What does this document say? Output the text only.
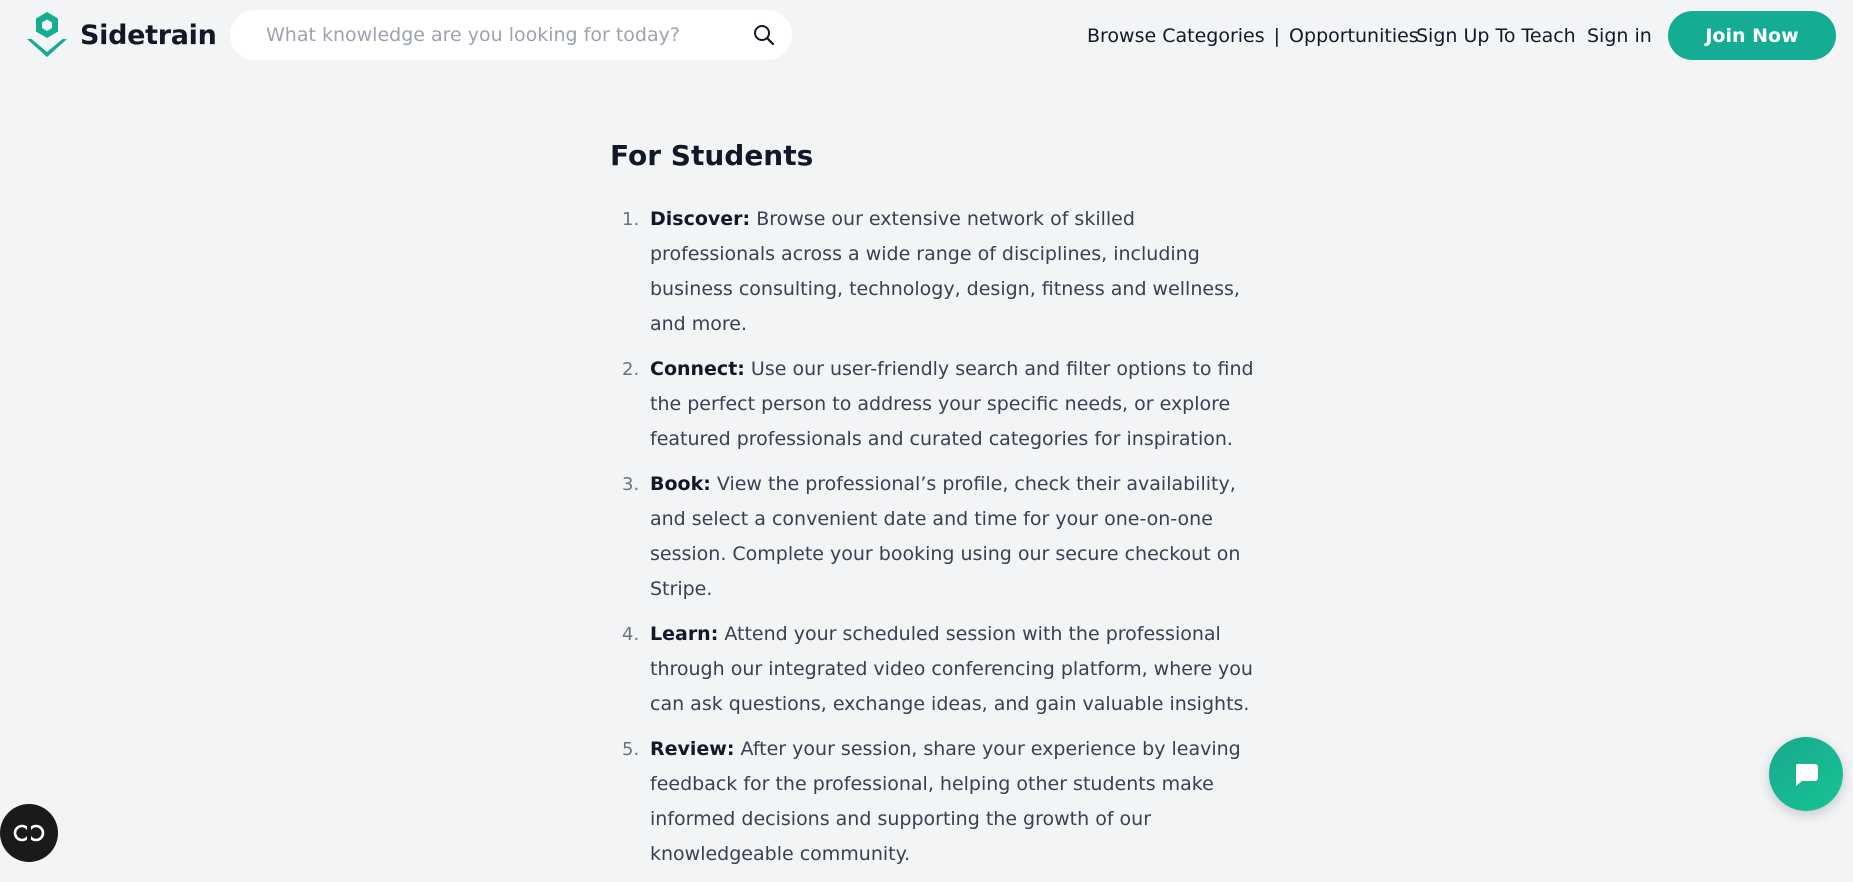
Sidetrain
What knowledge are you looking for today?	Browse Categories | Opportunities
Sign Up To Teach Sign in	Join Now
For Students
1. Discover: Browse our extensive network of skilled professionals across a wide range of disciplines, including business consulting, technology, design, fitness and wellness, and more.
2. Connect: Use our user-friendly search and filter options to find the perfect person to address your specific needs, or explore featured professionals and curated categories for inspiration.
3. Book: View the professional’s profile, check their availability, and select a convenient date and time for your one-on-one session. Complete your booking using our secure checkout on Stripe.
4. Learn: Attend your scheduled session with the professional through our integrated video conferencing platform, where you can ask questions, exchange ideas, and gain valuable insights.
5. Review: After your session, share your experience by leaving feedback for the professional, helping other students make informed decisions and supporting the growth of our knowledgeable community.
